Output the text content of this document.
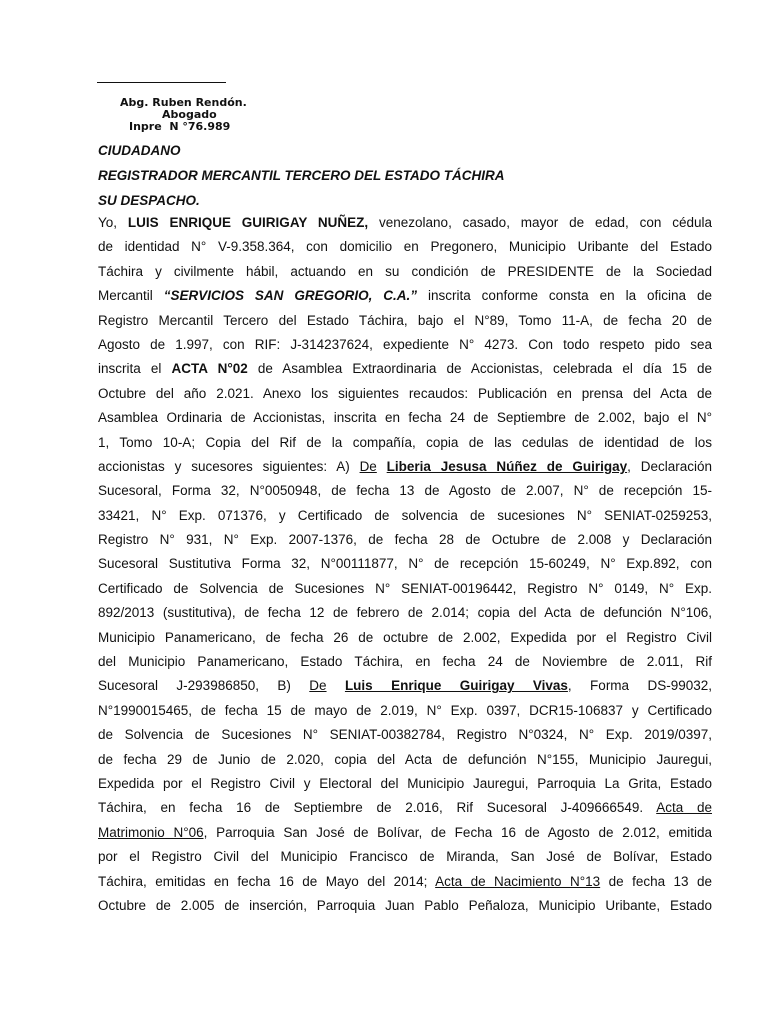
Abg. Ruben Rendón.
Abogado
Inpre  N °76.989
CIUDADANO
REGISTRADOR MERCANTIL TERCERO DEL ESTADO TÁCHIRA
SU DESPACHO.
Yo, LUIS ENRIQUE GUIRIGAY NUÑEZ, venezolano, casado, mayor de edad, con cédula
de identidad N° V-9.358.364, con domicilio en Pregonero, Municipio Uribante del Estado
Táchira y civilmente hábil, actuando en su condición de PRESIDENTE de la Sociedad
Mercantil “SERVICIOS SAN GREGORIO, C.A.” inscrita conforme consta en la oficina de
Registro Mercantil Tercero del Estado Táchira, bajo el N°89, Tomo 11-A, de fecha 20 de
Agosto de 1.997, con RIF: J-314237624, expediente N° 4273. Con todo respeto pido sea
inscrita el ACTA N°02 de Asamblea Extraordinaria de Accionistas, celebrada el día 15 de
Octubre del año 2.021. Anexo los siguientes recaudos: Publicación en prensa del Acta de
Asamblea Ordinaria de Accionistas, inscrita en fecha 24 de Septiembre de 2.002, bajo el N°
1, Tomo 10-A; Copia del Rif de la compañía, copia de las cedulas de identidad de los
accionistas y sucesores siguientes: A) De Liberia Jesusa Núñez de Guirigay, Declaración
Sucesoral, Forma 32, N°0050948, de fecha 13 de Agosto de 2.007, N° de recepción 15-
33421, N° Exp. 071376, y Certificado de solvencia de sucesiones N° SENIAT-0259253,
Registro N° 931, N° Exp. 2007-1376, de fecha 28 de Octubre de 2.008 y Declaración
Sucesoral Sustitutiva Forma 32, N°00111877, N° de recepción 15-60249, N° Exp.892, con
Certificado de Solvencia de Sucesiones N° SENIAT-00196442, Registro N° 0149, N° Exp.
892/2013 (sustitutiva), de fecha 12 de febrero de 2.014; copia del Acta de defunción N°106,
Municipio Panamericano, de fecha 26 de octubre de 2.002, Expedida por el Registro Civil
del Municipio Panamericano, Estado Táchira, en fecha 24 de Noviembre de 2.011, Rif
Sucesoral J-293986850, B) De Luis Enrique Guirigay Vivas, Forma DS-99032,
N°1990015465, de fecha 15 de mayo de 2.019, N° Exp. 0397, DCR15-106837 y Certificado
de Solvencia de Sucesiones N° SENIAT-00382784, Registro N°0324, N° Exp. 2019/0397,
de fecha 29 de Junio de 2.020, copia del Acta de defunción N°155, Municipio Jauregui,
Expedida por el Registro Civil y Electoral del Municipio Jauregui, Parroquia La Grita, Estado
Táchira, en fecha 16 de Septiembre de 2.016, Rif Sucesoral J-409666549. Acta de
Matrimonio N°06, Parroquia San José de Bolívar, de Fecha 16 de Agosto de 2.012, emitida
por el Registro Civil del Municipio Francisco de Miranda, San José de Bolívar, Estado
Táchira, emitidas en fecha 16 de Mayo del 2014; Acta de Nacimiento N°13 de fecha 13 de
Octubre de 2.005 de inserción, Parroquia Juan Pablo Peñaloza, Municipio Uribante, Estado
